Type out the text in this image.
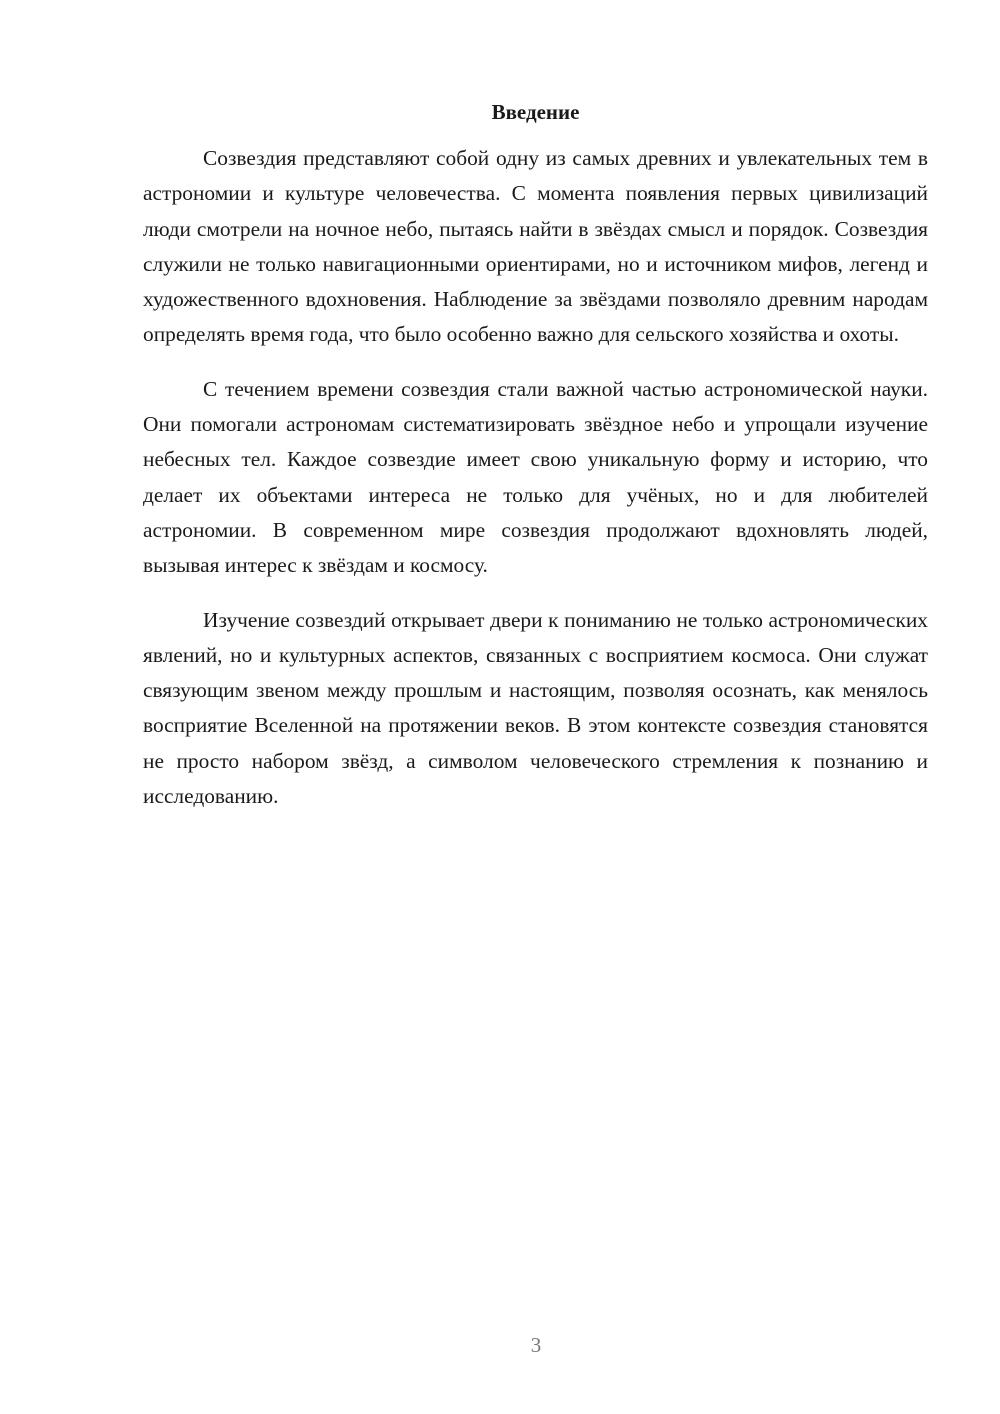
Введение

Созвездия представляют собой одну из самых древних и увлекательных тем в астрономии и культуре человечества. С момента появления первых цивилизаций люди смотрели на ночное небо, пытаясь найти в звёздах смысл и порядок. Созвездия служили не только навигационными ориентирами, но и источником мифов, легенд и художественного вдохновения. Наблюдение за звёздами позволяло древним народам определять время года, что было особенно важно для сельского хозяйства и охоты.

С течением времени созвездия стали важной частью астрономической науки. Они помогали астрономам систематизировать звёздное небо и упрощали изучение небесных тел. Каждое созвездие имеет свою уникальную форму и историю, что делает их объектами интереса не только для учёных, но и для любителей астрономии. В современном мире созвездия продолжают вдохновлять людей, вызывая интерес к звёздам и космосу.

Изучение созвездий открывает двери к пониманию не только астрономических явлений, но и культурных аспектов, связанных с восприятием космоса. Они служат связующим звеном между прошлым и настоящим, позволяя осознать, как менялось восприятие Вселенной на протяжении веков. В этом контексте созвездия становятся не просто набором звёзд, а символом человеческого стремления к познанию и исследованию.

3
